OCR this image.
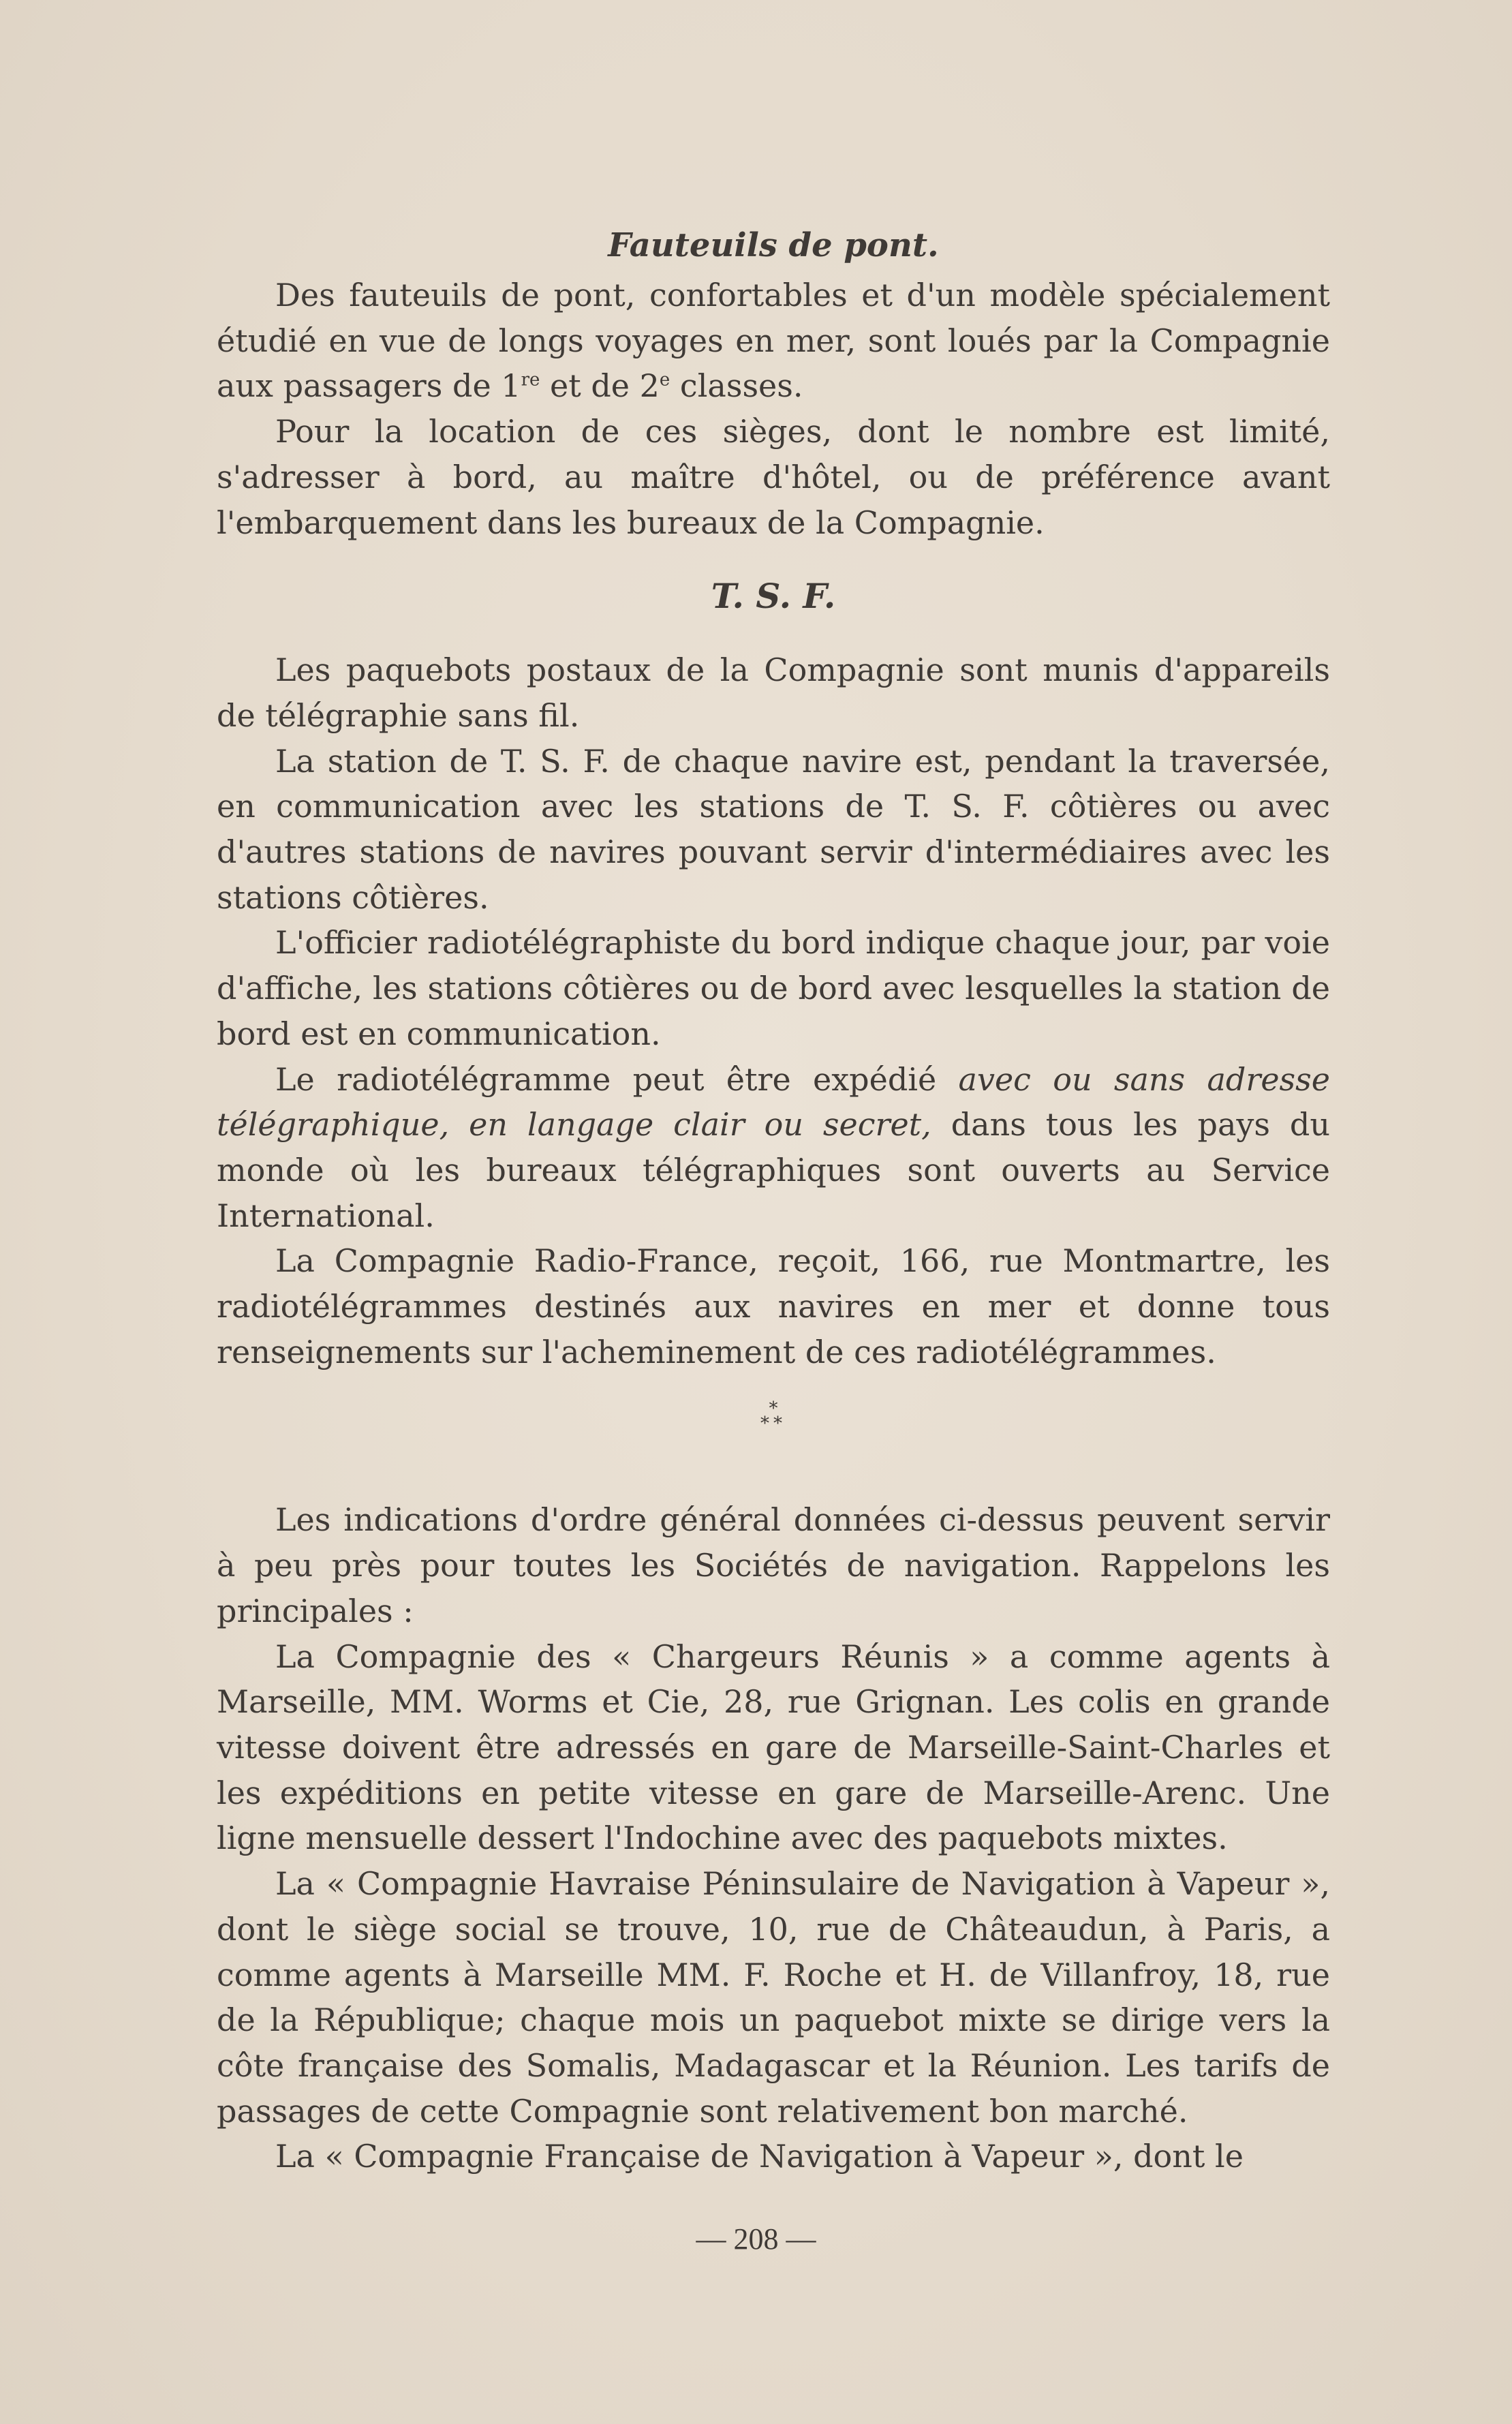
Fauteuils de pont.

Des fauteuils de pont, confortables et d'un modèle spécialement étudié en vue de longs voyages en mer, sont loués par la Compagnie aux passagers de 1re et de 2e classes.

Pour la location de ces sièges, dont le nombre est limité, s'adresser à bord, au maître d'hôtel, ou de préférence avant l'embarquement dans les bureaux de la Compagnie.

T. S. F.

Les paquebots postaux de la Compagnie sont munis d'appareils de télégraphie sans fil.

La station de T. S. F. de chaque navire est, pendant la traversée, en communication avec les stations de T. S. F. côtières ou avec d'autres stations de navires pouvant servir d'intermédiaires avec les stations côtières.

L'officier radiotélégraphiste du bord indique chaque jour, par voie d'affiche, les stations côtières ou de bord avec lesquelles la station de bord est en communication.

Le radiotélégramme peut être expédié avec ou sans adresse télégraphique, en langage clair ou secret, dans tous les pays du monde où les bureaux télégraphiques sont ouverts au Service International.

La Compagnie Radio-France, reçoit, 166, rue Montmartre, les radiotélégrammes destinés aux navires en mer et donne tous renseignements sur l'acheminement de ces radiotélégrammes.

*
**

Les indications d'ordre général données ci-dessus peuvent servir à peu près pour toutes les Sociétés de navigation. Rappelons les principales :

La Compagnie des « Chargeurs Réunis » a comme agents à Marseille, MM. Worms et Cie, 28, rue Grignan. Les colis en grande vitesse doivent être adressés en gare de Marseille-Saint-Charles et les expéditions en petite vitesse en gare de Marseille-Arenc. Une ligne mensuelle dessert l'Indochine avec des paquebots mixtes.

La « Compagnie Havraise Péninsulaire de Navigation à Vapeur », dont le siège social se trouve, 10, rue de Châteaudun, à Paris, a comme agents à Marseille MM. F. Roche et H. de Villanfroy, 18, rue de la République; chaque mois un paquebot mixte se dirige vers la côte française des Somalis, Madagascar et la Réunion. Les tarifs de passages de cette Compagnie sont relativement bon marché.

La « Compagnie Française de Navigation à Vapeur », dont le

— 208 —
